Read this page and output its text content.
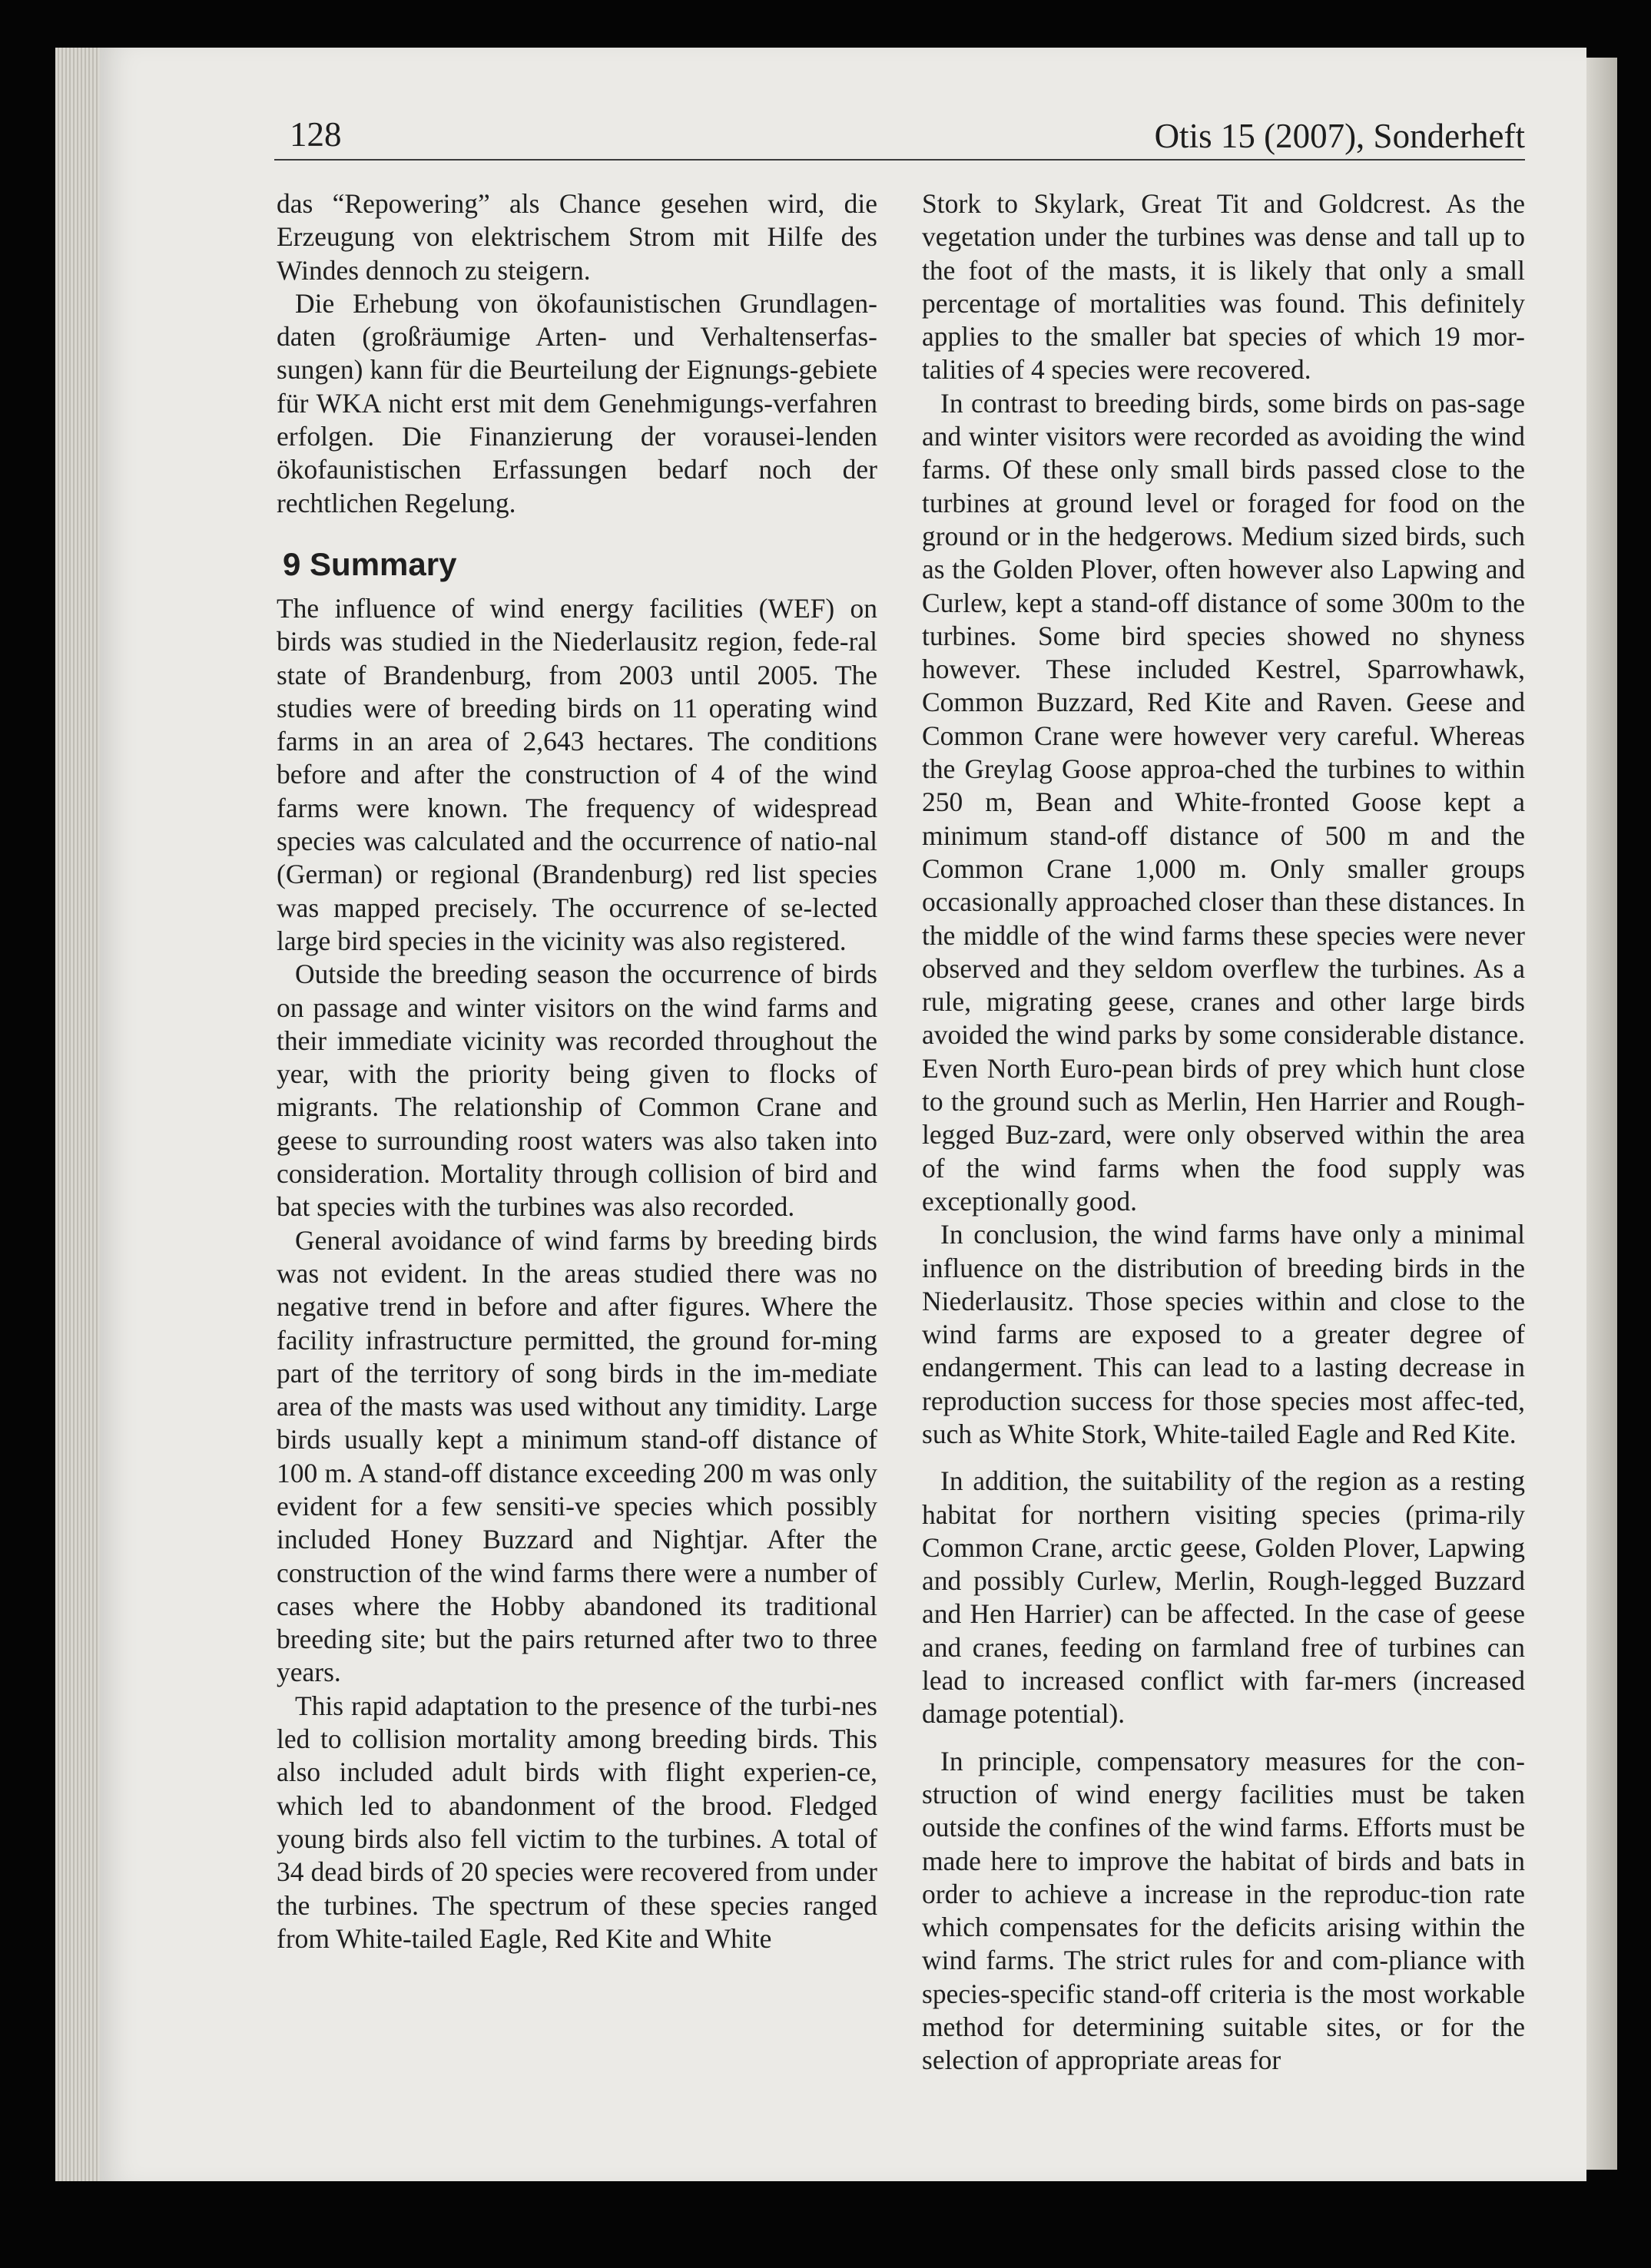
128	Otis 15 (2007), Sonderheft

das “Repowering” als Chance gesehen wird, die Erzeugung von elektrischem Strom mit Hilfe des Windes dennoch zu steigern.

Die Erhebung von ökofaunistischen Grundlagen-daten (großräumige Arten- und Verhaltenserfas-sungen) kann für die Beurteilung der Eignungs-gebiete für WKA nicht erst mit dem Genehmigungs-verfahren erfolgen. Die Finanzierung der vorausei-lenden ökofaunistischen Erfassungen bedarf noch der rechtlichen Regelung.

9 Summary

The influence of wind energy facilities (WEF) on birds was studied in the Niederlausitz region, fede-ral state of Brandenburg, from 2003 until 2005. The studies were of breeding birds on 11 operating wind farms in an area of 2,643 hectares. The conditions before and after the construction of 4 of the wind farms were known. The frequency of widespread species was calculated and the occurrence of natio-nal (German) or regional (Brandenburg) red list species was mapped precisely. The occurrence of se-lected large bird species in the vicinity was also registered.

Outside the breeding season the occurrence of birds on passage and winter visitors on the wind farms and their immediate vicinity was recorded throughout the year, with the priority being given to flocks of migrants. The relationship of Common Crane and geese to surrounding roost waters was also taken into consideration. Mortality through collision of bird and bat species with the turbines was also recorded.

General avoidance of wind farms by breeding birds was not evident. In the areas studied there was no negative trend in before and after figures. Where the facility infrastructure permitted, the ground for-ming part of the territory of song birds in the im-mediate area of the masts was used without any timidity. Large birds usually kept a minimum stand-off distance of 100 m. A stand-off distance exceeding 200 m was only evident for a few sensiti-ve species which possibly included Honey Buzzard and Nightjar. After the construction of the wind farms there were a number of cases where the Hobby abandoned its traditional breeding site; but the pairs returned after two to three years.

This rapid adaptation to the presence of the turbi-nes led to collision mortality among breeding birds. This also included adult birds with flight experien-ce, which led to abandonment of the brood. Fledged young birds also fell victim to the turbines. A total of 34 dead birds of 20 species were recovered from under the turbines. The spectrum of these species ranged from White-tailed Eagle, Red Kite and White

Stork to Skylark, Great Tit and Goldcrest. As the vegetation under the turbines was dense and tall up to the foot of the masts, it is likely that only a small percentage of mortalities was found. This definitely applies to the smaller bat species of which 19 mor-talities of 4 species were recovered.

In contrast to breeding birds, some birds on pas-sage and winter visitors were recorded as avoiding the wind farms. Of these only small birds passed close to the turbines at ground level or foraged for food on the ground or in the hedgerows. Medium sized birds, such as the Golden Plover, often however also Lapwing and Curlew, kept a stand-off distance of some 300m to the turbines. Some bird species showed no shyness however. These included Kestrel, Sparrowhawk, Common Buzzard, Red Kite and Raven. Geese and Common Crane were however very careful. Whereas the Greylag Goose approa-ched the turbines to within 250 m, Bean and White-fronted Goose kept a minimum stand-off distance of 500 m and the Common Crane 1,000 m. Only smaller groups occasionally approached closer than these distances. In the middle of the wind farms these species were never observed and they seldom overflew the turbines. As a rule, migrating geese, cranes and other large birds avoided the wind parks by some considerable distance. Even North Euro-pean birds of prey which hunt close to the ground such as Merlin, Hen Harrier and Rough-legged Buz-zard, were only observed within the area of the wind farms when the food supply was exceptionally good.

In conclusion, the wind farms have only a minimal influence on the distribution of breeding birds in the Niederlausitz. Those species within and close to the wind farms are exposed to a greater degree of endangerment. This can lead to a lasting decrease in reproduction success for those species most affec-ted, such as White Stork, White-tailed Eagle and Red Kite.

In addition, the suitability of the region as a resting habitat for northern visiting species (prima-rily Common Crane, arctic geese, Golden Plover, Lapwing and possibly Curlew, Merlin, Rough-legged Buzzard and Hen Harrier) can be affected. In the case of geese and cranes, feeding on farmland free of turbines can lead to increased conflict with far-mers (increased damage potential).

In principle, compensatory measures for the con-struction of wind energy facilities must be taken outside the confines of the wind farms. Efforts must be made here to improve the habitat of birds and bats in order to achieve a increase in the reproduc-tion rate which compensates for the deficits arising within the wind farms. The strict rules for and com-pliance with species-specific stand-off criteria is the most workable method for determining suitable sites, or for the selection of appropriate areas for
